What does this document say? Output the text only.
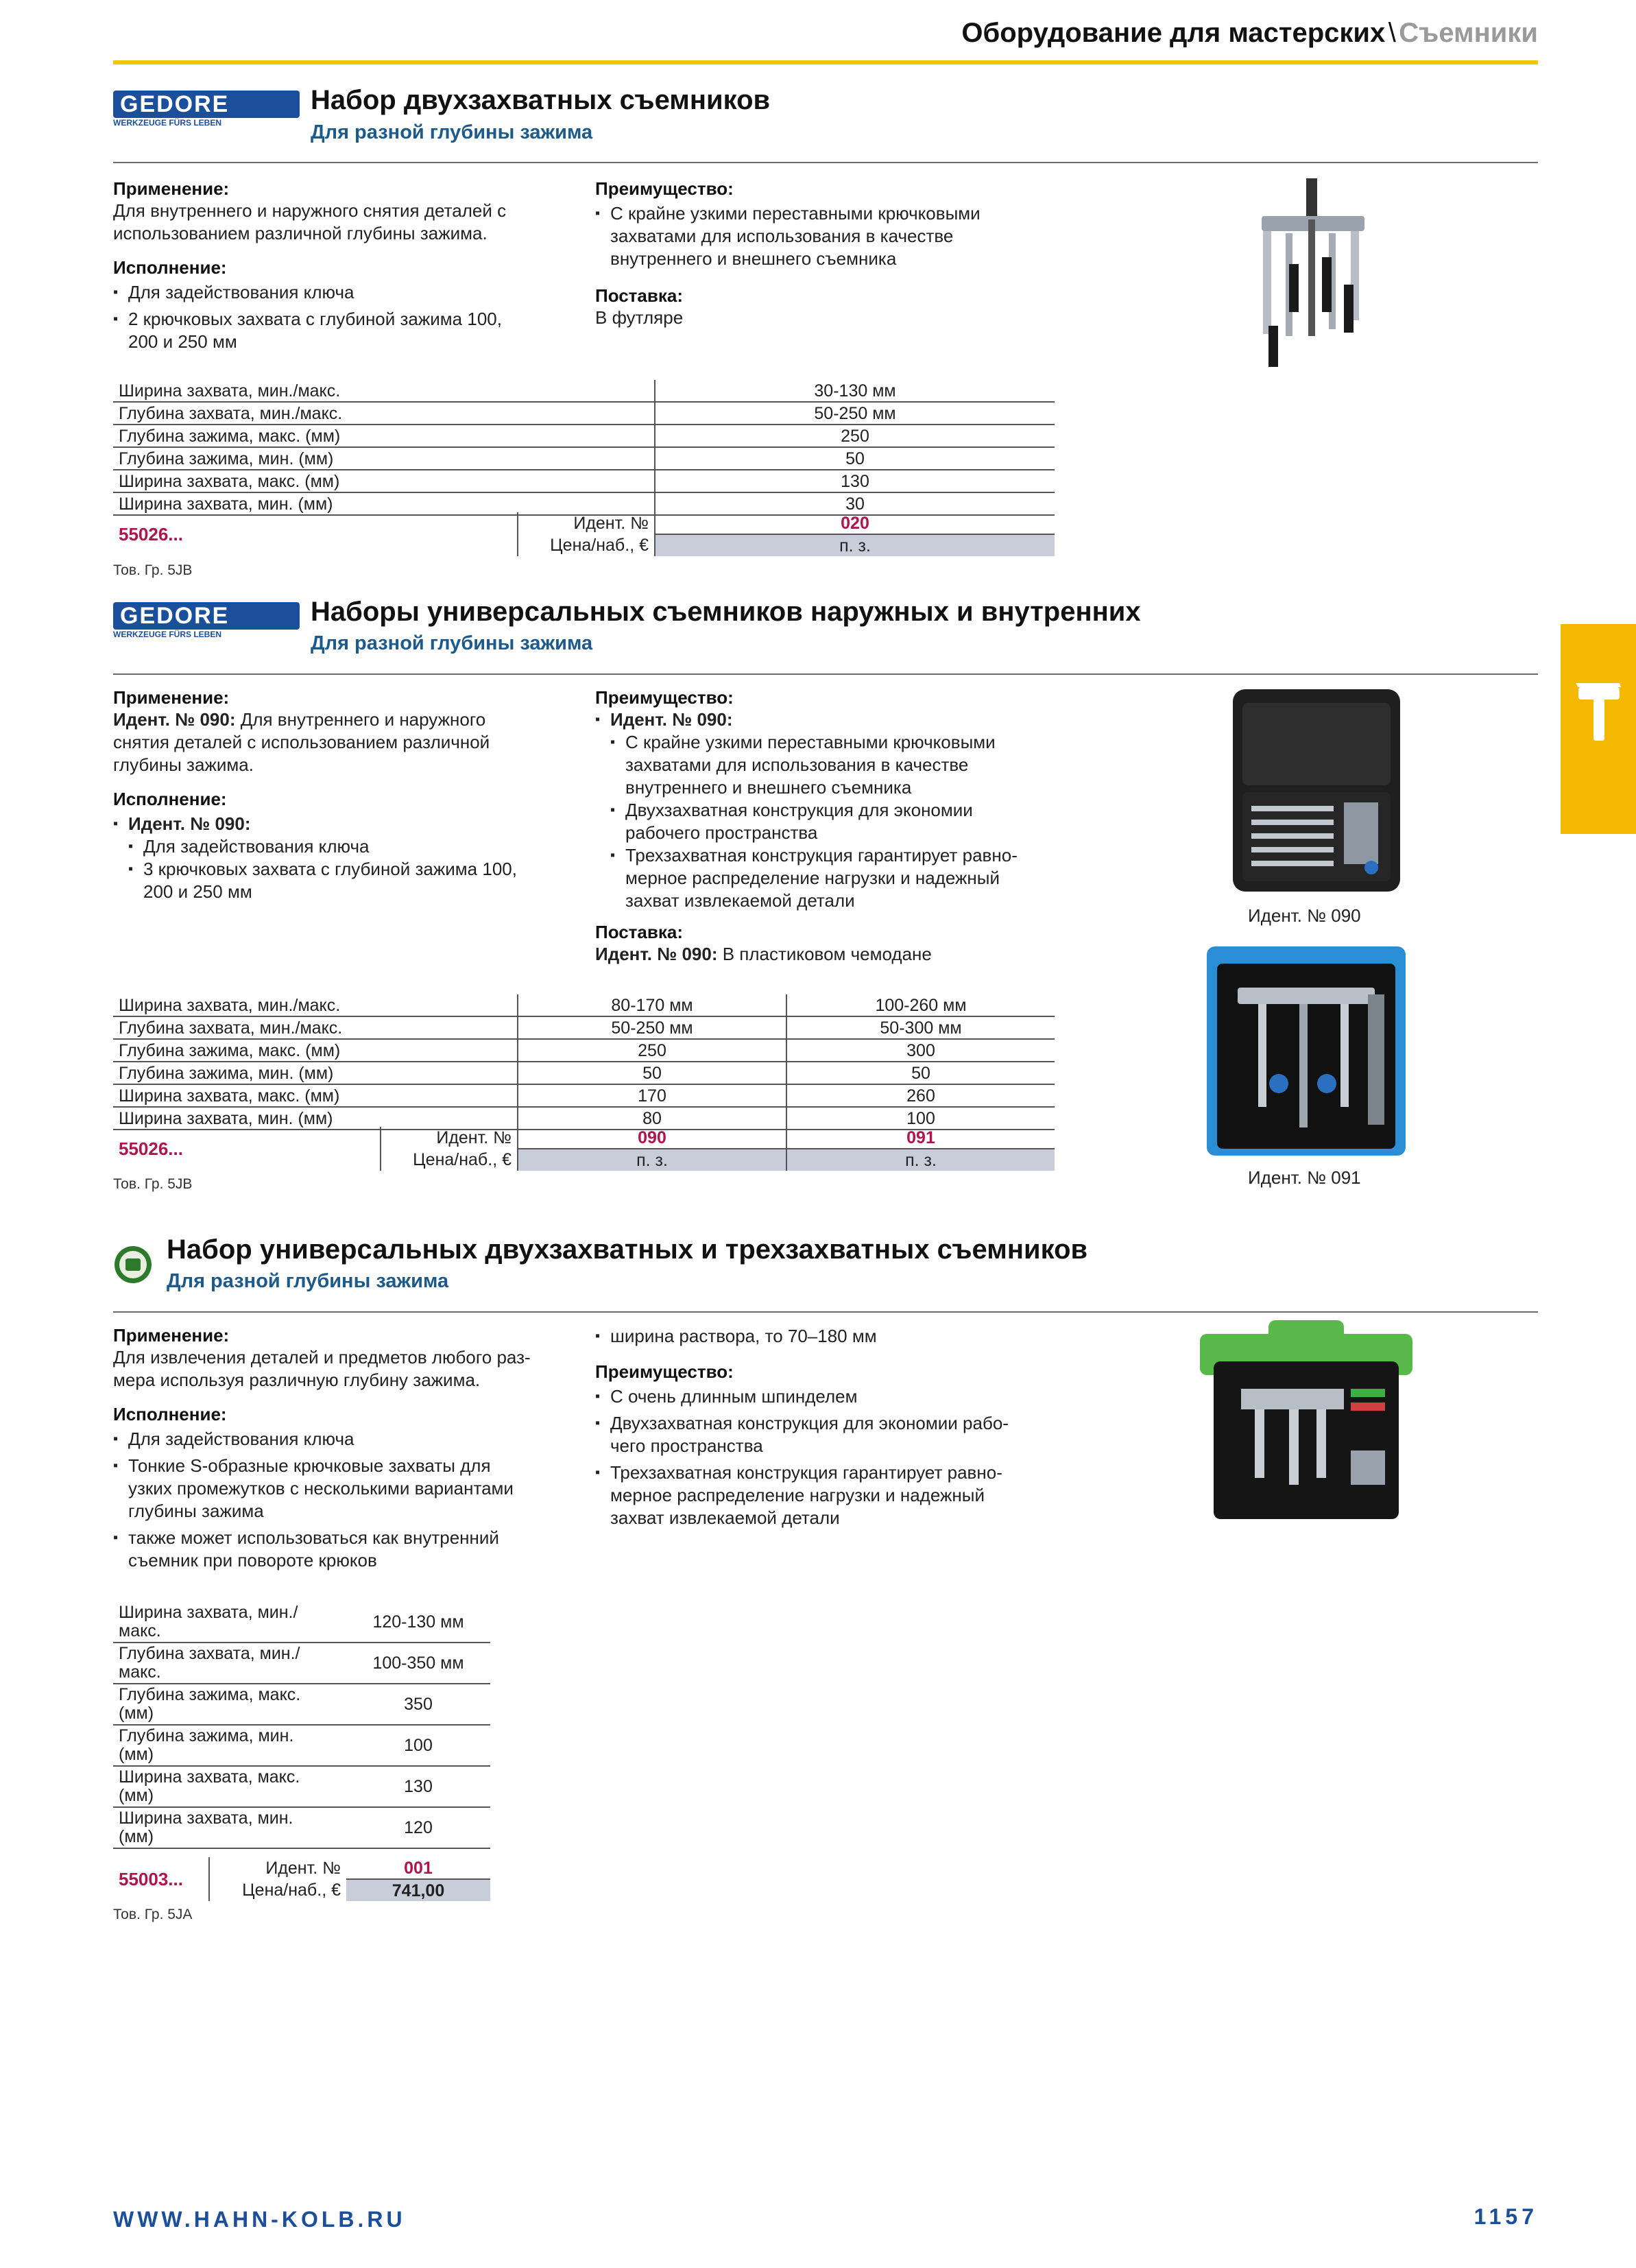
Оборудование для мастерских \ Съемники
GEDORE
WERKZEUGE FÜRS LEBEN
Набор двухзахватных съемников
Для разной глубины зажима
Применение:
Для внутреннего и наружного снятия деталей с
использованием различной глубины зажима.
Исполнение:
▪ Для задействования ключа
▪ 2 крючковых захвата с глубиной зажима 100,
200 и 250 мм
Преимущество:
▪ С крайне узкими переставными крючковыми
захватами для использования в качестве
внутреннего и внешнего съемника
Поставка:
В футляре
Ширина захвата, мин./макс.	30-130 мм
Глубина захвата, мин./макс.	50-250 мм
Глубина зажима, макс. (мм)	250
Глубина зажима, мин. (мм)	50
Ширина захвата, макс. (мм)	130
Ширина захвата, мин. (мм)	30
55026...	Идент. №	020
	Цена/наб., €	п. з.
Тов. Гр. 5JB
GEDORE
WERKZEUGE FÜRS LEBEN
Наборы универсальных съемников наружных и внутренних
Для разной глубины зажима
Применение:
Идент. № 090: Для внутреннего и наружного
снятия деталей с использованием различной
глубины зажима.
Исполнение:
▪ Идент. № 090:
▪ Для задействования ключа
▪ 3 крючковых захвата с глубиной зажима 100,
200 и 250 мм
Преимущество:
▪ Идент. № 090:
▪ С крайне узкими переставными крючковыми
захватами для использования в качестве
внутреннего и внешнего съемника
▪ Двухзахватная конструкция для экономии
рабочего пространства
▪ Трехзахватная конструкция гарантирует равно-
мерное распределение нагрузки и надежный
захват извлекаемой детали
Поставка:
Идент. № 090: В пластиковом чемодане
Идент. № 090
Идент. № 091
Ширина захвата, мин./макс.	80-170 мм	100-260 мм
Глубина захвата, мин./макс.	50-250 мм	50-300 мм
Глубина зажима, макс. (мм)	250	300
Глубина зажима, мин. (мм)	50	50
Ширина захвата, макс. (мм)	170	260
Ширина захвата, мин. (мм)	80	100
55026...	Идент. №	090	091
	Цена/наб., €	п. з.	п. з.
Тов. Гр. 5JB
Набор универсальных двухзахватных и трехзахватных съемников
Для разной глубины зажима
Применение:
Для извлечения деталей и предметов любого раз-
мера используя различную глубину зажима.
Исполнение:
▪ Для задействования ключа
▪ Тонкие S-образные крючковые захваты для
узких промежутков с несколькими вариантами
глубины зажима
▪ также может использоваться как внутренний
съемник при повороте крюков
▪ ширина раствора, то 70–180 мм
Преимущество:
▪ С очень длинным шпинделем
▪ Двухзахватная конструкция для экономии рабо-
чего пространства
▪ Трехзахватная конструкция гарантирует равно-
мерное распределение нагрузки и надежный
захват извлекаемой детали
Ширина захвата, мин./
макс.	120-130 мм
Глубина захвата, мин./
макс.	100-350 мм
Глубина зажима, макс.
(мм)	350
Глубина зажима, мин.
(мм)	100
Ширина захвата, макс.
(мм)	130
Ширина захвата, мин.
(мм)	120
55003...	Идент. №	001
	Цена/наб., €	741,00
Тов. Гр. 5JA
WWW.HAHN-KOLB.RU	1157
